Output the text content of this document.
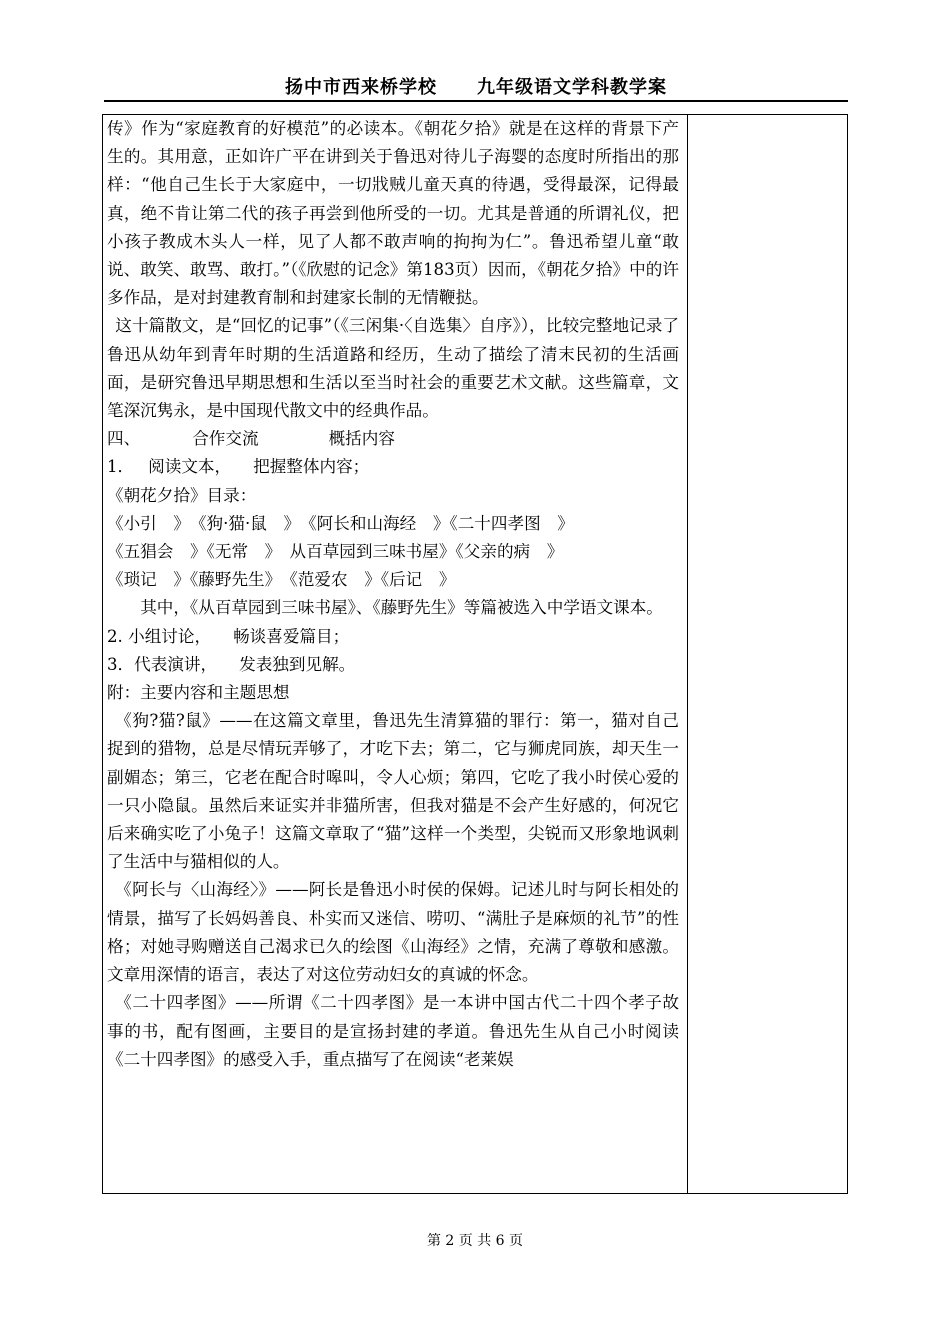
扬中市西来桥学校 九年级语文学科教学案

传》作为“家庭教育的好模范”的必读本。《朝花夕拾》就是在这样的背景下产生的。其用意，正如许广平在讲到关于鲁迅对待儿子海婴的态度时所指出的那样：“他自己生长于大家庭中，一切戕贼儿童天真的待遇，受得最深，记得最真，绝不肯让第二代的孩子再尝到他所受的一切。尤其是普通的所谓礼仪，把小孩子教成木头人一样，见了人都不敢声响的拘拘为仁”。鲁迅希望儿童“敢说、敢笑、敢骂、敢打。”（《欣慰的记念》第183页）因而，《朝花夕拾》中的许多作品，是对封建教育制和封建家长制的无情鞭挞。

这十篇散文，是“回忆的记事”（《三闲集·〈自选集〉自序》），比较完整地记录了鲁迅从幼年到青年时期的生活道路和经历，生动了描绘了清末民初的生活画面，是研究鲁迅早期思想和生活以至当时社会的重要艺术文献。这些篇章，文笔深沉隽永，是中国现代散文中的经典作品。

四、	合作交流	概括内容

1． 阅读文本， 把握整体内容；

《朝花夕拾》目录：

《小引　》　《狗·猫·鼠　》　《阿长和山海经　》《二十四孝图　》

《五猖会　》《无常　》　从百草园到三味书屋》《父亲的病　》

《琐记　》《藤野先生》　《范爱农　》《后记　》

其中，《从百草园到三味书屋》、《藤野先生》等篇被选入中学语文课本。

2. 小组讨论， 畅谈喜爱篇目；

3．代表演讲， 发表独到见解。

附：主要内容和主题思想

《狗?猫?鼠》——在这篇文章里，鲁迅先生清算猫的罪行：第一，猫对自己捉到的猎物，总是尽情玩弄够了，才吃下去；第二，它与狮虎同族，却天生一副媚态；第三，它老在配合时嗥叫，令人心烦；第四，它吃了我小时侯心爱的一只小隐鼠。虽然后来证实并非猫所害，但我对猫是不会产生好感的，何况它后来确实吃了小兔子！这篇文章取了“猫”这样一个类型，尖锐而又形象地讽刺了生活中与猫相似的人。

《阿长与〈山海经〉》——阿长是鲁迅小时侯的保姆。记述儿时与阿长相处的情景，描写了长妈妈善良、朴实而又迷信、唠叨、“满肚子是麻烦的礼节”的性格；对她寻购赠送自己渴求已久的绘图《山海经》之情，充满了尊敬和感激。文章用深情的语言，表达了对这位劳动妇女的真诚的怀念。

《二十四孝图》——所谓《二十四孝图》是一本讲中国古代二十四个孝子故事的书，配有图画，主要目的是宣扬封建的孝道。鲁迅先生从自己小时阅读《二十四孝图》的感受入手，重点描写了在阅读“老莱娱

第 2 页 共 6 页
